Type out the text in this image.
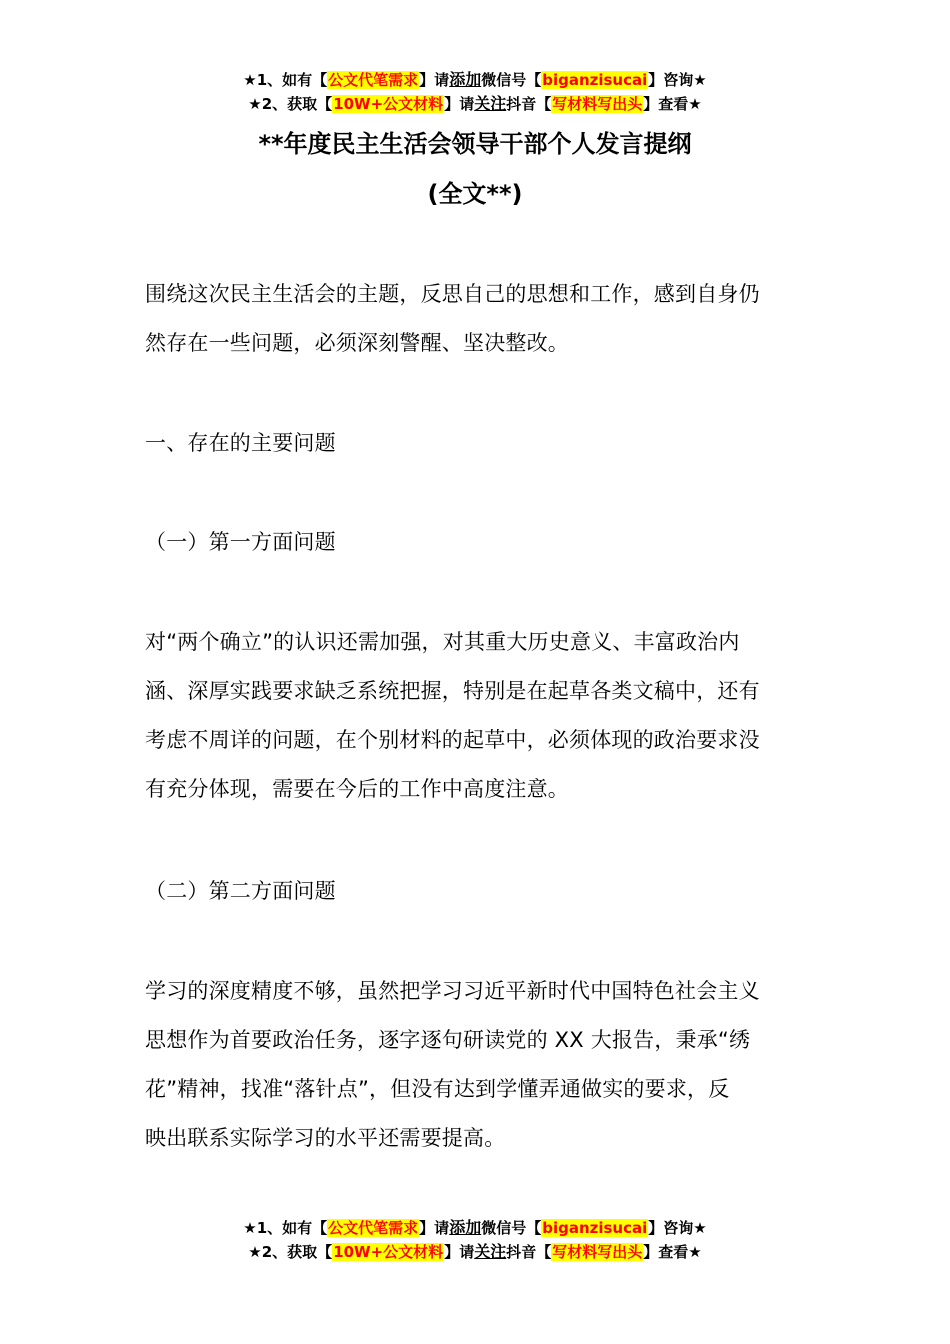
★1、如有【公文代笔需求】请添加微信号【biganzisucai】咨询★
★2、获取【10W+公文材料】请关注抖音【写材料写出头】查看★
**年度民主生活会领导干部个人发言提纲
(全文**)
围绕这次民主生活会的主题，反思自己的思想和工作，感到自身仍
然存在一些问题，必须深刻警醒、坚决整改。
一、存在的主要问题
（一）第一方面问题
对“两个确立”的认识还需加强，对其重大历史意义、丰富政治内
涵、深厚实践要求缺乏系统把握，特别是在起草各类文稿中，还有
考虑不周详的问题，在个别材料的起草中，必须体现的政治要求没
有充分体现，需要在今后的工作中高度注意。
（二）第二方面问题
学习的深度精度不够，虽然把学习习近平新时代中国特色社会主义
思想作为首要政治任务，逐字逐句研读党的 XX 大报告，秉承“绣
花”精神，找准“落针点”，但没有达到学懂弄通做实的要求，反
映出联系实际学习的水平还需要提高。
★1、如有【公文代笔需求】请添加微信号【biganzisucai】咨询★
★2、获取【10W+公文材料】请关注抖音【写材料写出头】查看★
